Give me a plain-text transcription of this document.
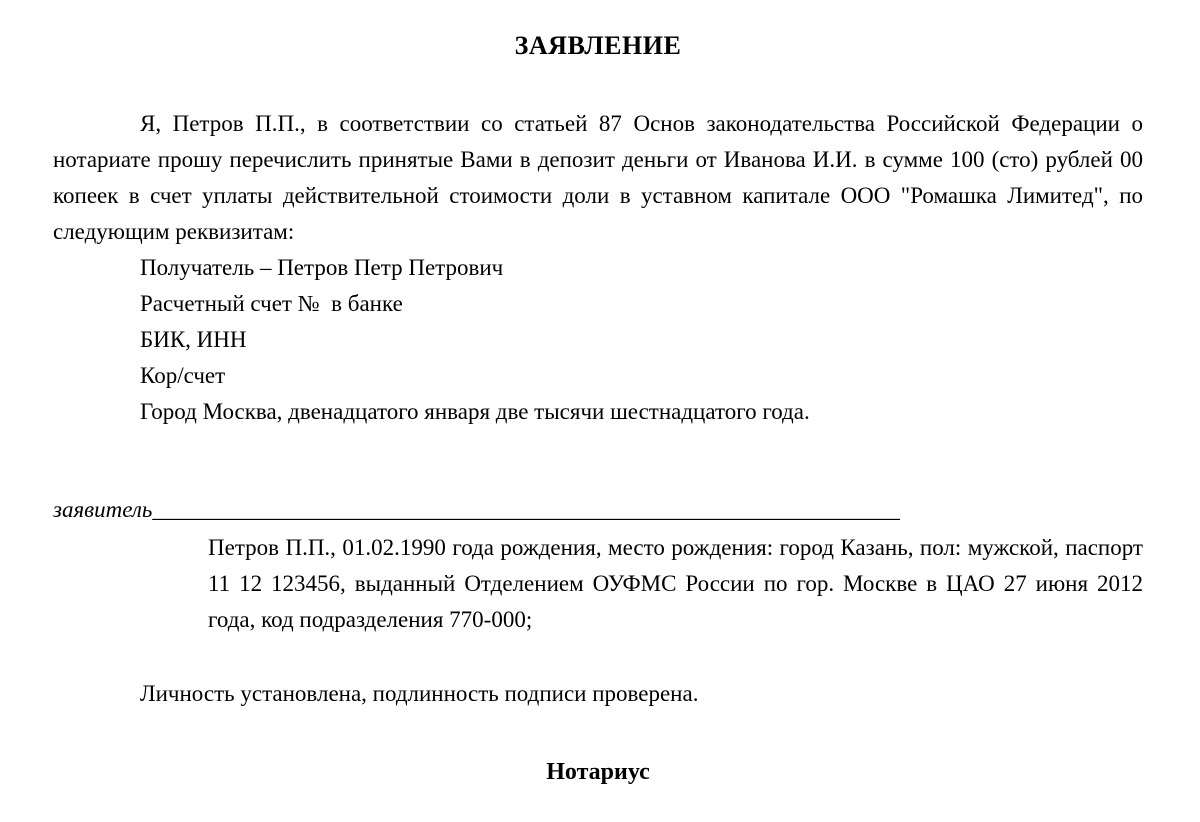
ЗАЯВЛЕНИЕ

Я, Петров П.П., в соответствии со статьей 87 Основ законодательства Российской Федерации о нотариате прошу перечислить принятые Вами в депозит деньги от Иванова И.И. в сумме 100 (сто) рублей 00 копеек в счет уплаты действительной стоимости доли в уставном капитале ООО "Ромашка Лимитед", по следующим реквизитам:

Получатель – Петров Петр Петрович
Расчетный счет №  в банке
БИК, ИНН
Кор/счет
Город Москва, двенадцатого января две тысячи шестнадцатого года.
заявитель_________________________________________________________________

Петров П.П., 01.02.1990 года рождения, место рождения: город Казань, пол: мужской, паспорт 11 12 123456, выданный Отделением ОУФМС России по гор. Москве в ЦАО 27 июня 2012 года, код подразделения 770-000;

Личность установлена, подлинность подписи проверена.
Нотариус
